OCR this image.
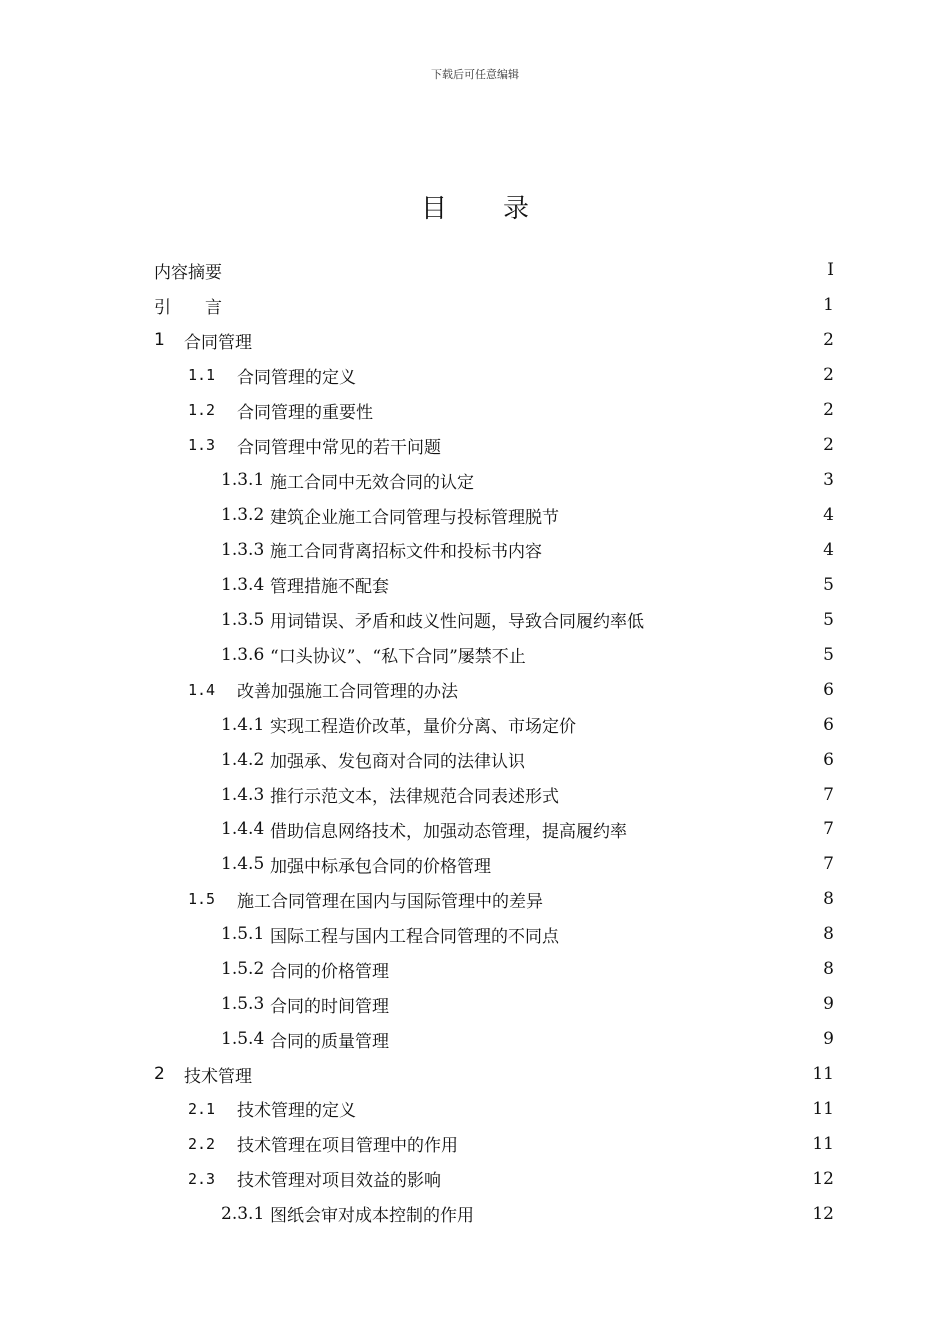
下载后可任意编辑
目 录
内容摘要	I
引　　言	1
1	合同管理	2
1.1	合同管理的定义	2
1.2	合同管理的重要性	2
1.3	合同管理中常见的若干问题	2
1.3.1 施工合同中无效合同的认定	3
1.3.2 建筑企业施工合同管理与投标管理脱节	4
1.3.3 施工合同背离招标文件和投标书内容	4
1.3.4 管理措施不配套	5
1.3.5 用词错误、矛盾和歧义性问题，导致合同履约率低	5
1.3.6 “口头协议”、“私下合同”屡禁不止	5
1.4	改善加强施工合同管理的办法	6
1.4.1 实现工程造价改革，量价分离、市场定价	6
1.4.2 加强承、发包商对合同的法律认识	6
1.4.3 推行示范文本，法律规范合同表述形式	7
1.4.4 借助信息网络技术，加强动态管理，提高履约率	7
1.4.5 加强中标承包合同的价格管理	7
1.5	施工合同管理在国内与国际管理中的差异	8
1.5.1 国际工程与国内工程合同管理的不同点	8
1.5.2 合同的价格管理	8
1.5.3 合同的时间管理	9
1.5.4 合同的质量管理	9
2	技术管理	11
2.1	技术管理的定义	11
2.2	技术管理在项目管理中的作用	11
2.3	技术管理对项目效益的影响	12
2.3.1 图纸会审对成本控制的作用	12
